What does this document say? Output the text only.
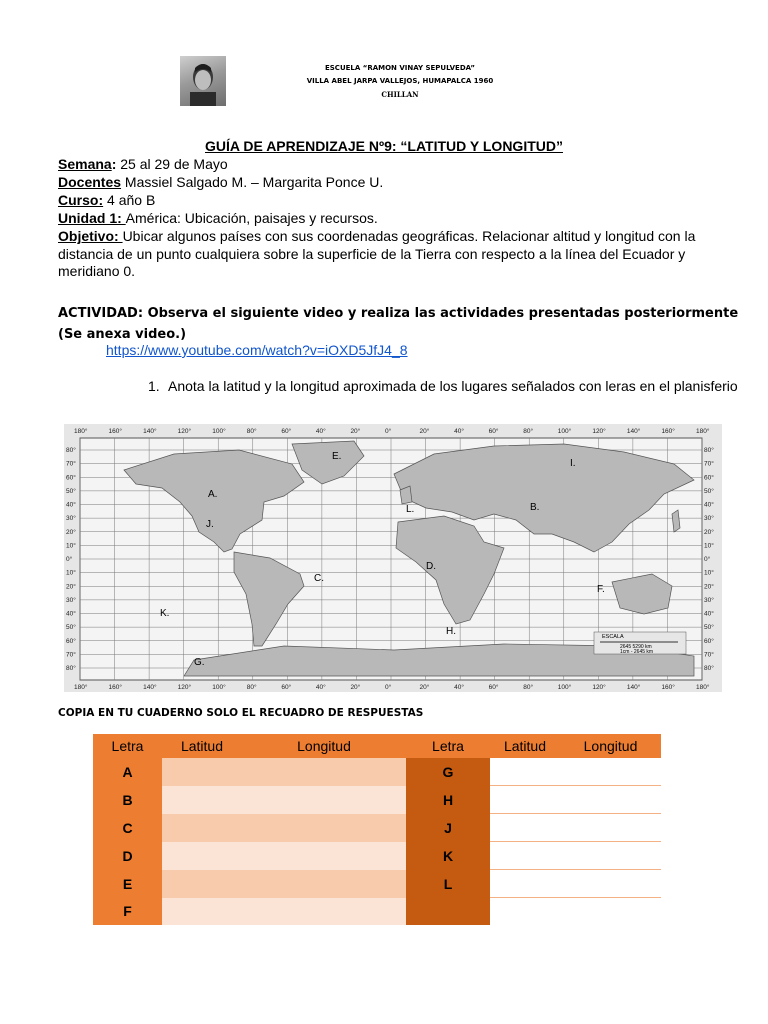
ESCUELA “RAMON VINAY SEPULVEDA”
VILLA ABEL JARPA VALLEJOS, HUMAPALCA 1960
CHILLAN
GUÍA DE APRENDIZAJE Nº9: “LATITUD Y LONGITUD”
Semana: 25 al 29 de Mayo
Docentes Massiel Salgado M. – Margarita Ponce U.
Curso: 4 año B
Unidad 1: América: Ubicación, paisajes y recursos.
Objetivo: Ubicar algunos países con sus coordenadas geográficas. Relacionar altitud y longitud con la distancia de un punto cualquiera sobre la superficie de la Tierra con respecto a la línea del Ecuador y meridiano 0.
ACTIVIDAD: Observa el siguiente video y realiza las actividades presentadas posteriormente (Se anexa video.)
https://www.youtube.com/watch?v=iOXD5JfJ4_8
1. Anota la latitud y la longitud aproximada de los lugares señalados con leras en el planisferio
A.
B.
C.
D.
E.
F.
G.
H.
I.
J.
K.
L.
180°
180°
160°
160°
140°
140°
120°
120°
100°
100°
80°
80°
60°
60°
40°
40°
20°
20°
0°
0°
20°
20°
40°
40°
60°
60°
80°
80°
100°
100°
120°
120°
140°
140°
160°
160°
180°
180°
80°	80°
70°	70°
60°	60°
50°	50°
40°	40°
30°	30°
20°	20°
10°	10°
0°	0°
10°	10°
20°	20°
30°	30°
40°	40°
50°	50°
60°	60°
70°	70°
80°	80°
ESCALA
2645 5290 km
1cm - 2645 km
COPIA EN TU CUADERNO SOLO EL RECUADRO DE RESPUESTAS
Letra	Latitud	Longitud	Letra	Latitud	Longitud
A			G		
B			H		
C			J		
D			K		
E			L		
F					
